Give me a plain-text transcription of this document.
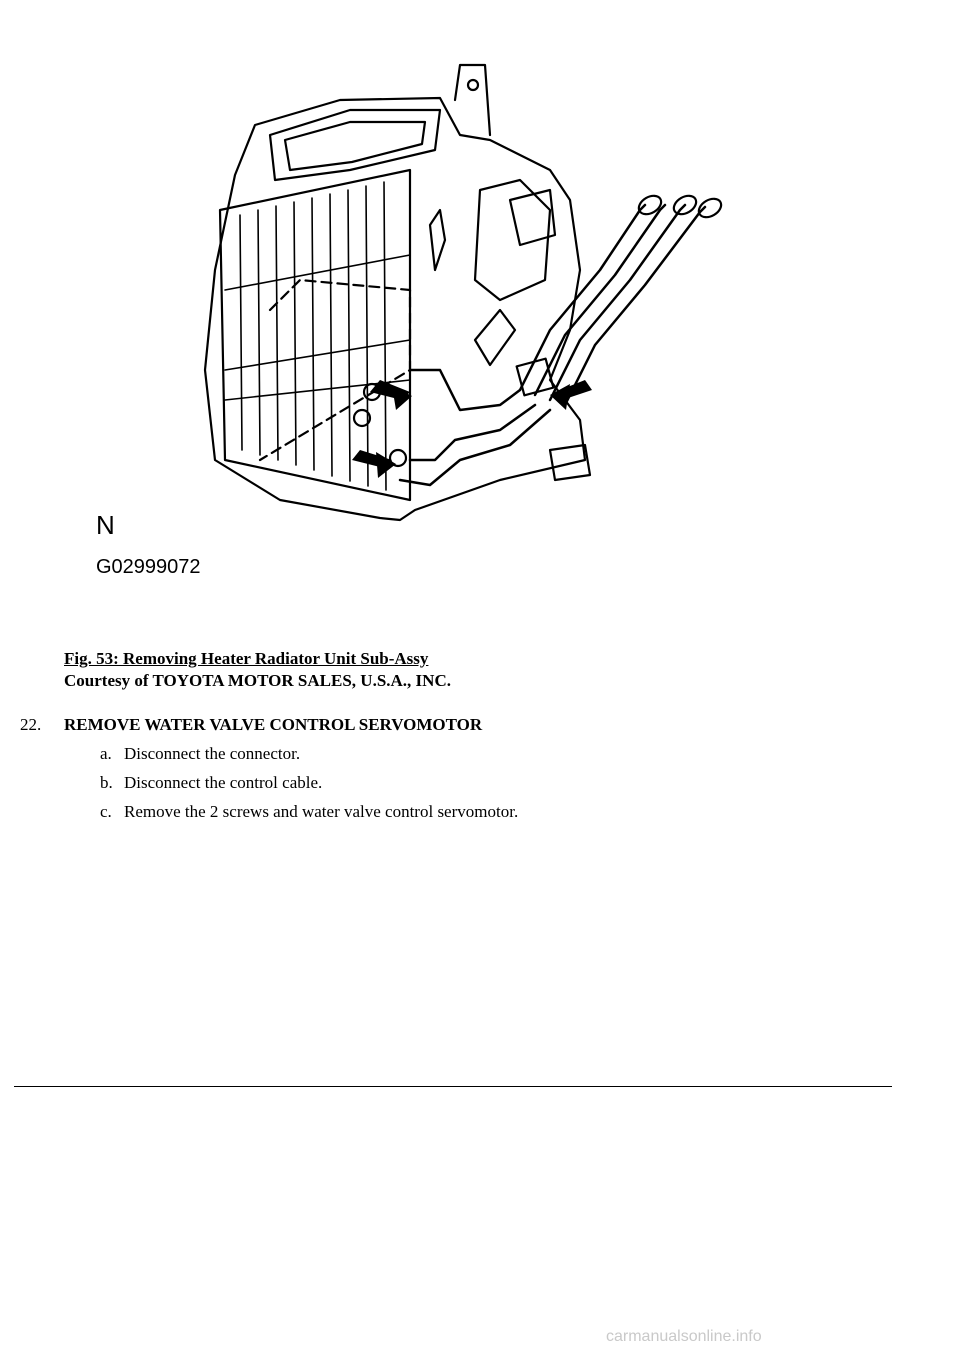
N
G02999072
Fig. 53: Removing Heater Radiator Unit Sub-Assy
Courtesy of TOYOTA MOTOR SALES, U.S.A., INC.
22. REMOVE WATER VALVE CONTROL SERVOMOTOR
a. Disconnect the connector.
b. Disconnect the control cable.
c. Remove the 2 screws and water valve control servomotor.
carmanualsonline.info
